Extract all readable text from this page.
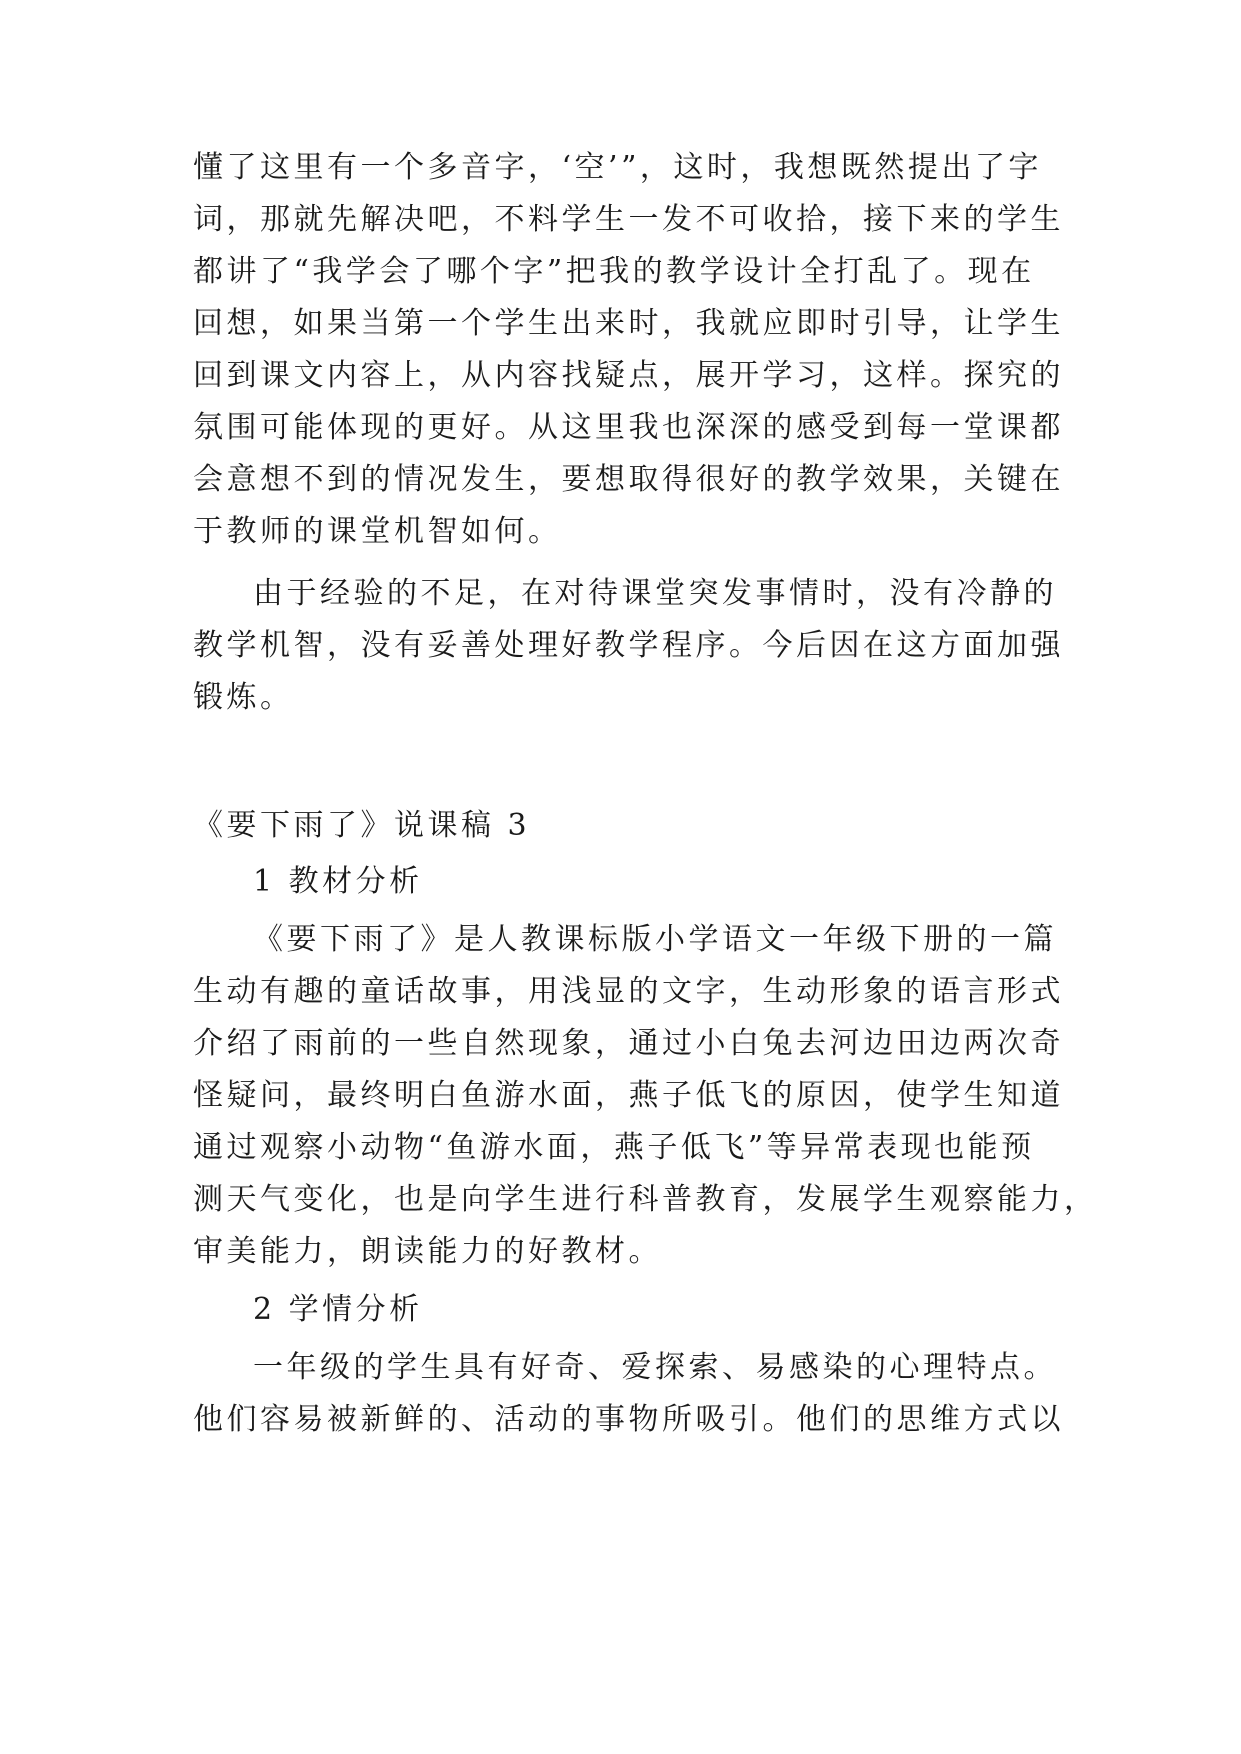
懂了这里有一个多音字，‘空’”，这时，我想既然提出了字
词，那就先解决吧，不料学生一发不可收拾，接下来的学生
都讲了“我学会了哪个字”把我的教学设计全打乱了。现在
回想，如果当第一个学生出来时，我就应即时引导，让学生
回到课文内容上，从内容找疑点，展开学习，这样。探究的
氛围可能体现的更好。从这里我也深深的感受到每一堂课都
会意想不到的情况发生，要想取得很好的教学效果，关键在
于教师的课堂机智如何。
由于经验的不足，在对待课堂突发事情时，没有冷静的
教学机智，没有妥善处理好教学程序。今后因在这方面加强
锻炼。
《要下雨了》说课稿 3
1 教材分析
《要下雨了》是人教课标版小学语文一年级下册的一篇
生动有趣的童话故事，用浅显的文字，生动形象的语言形式
介绍了雨前的一些自然现象，通过小白兔去河边田边两次奇
怪疑问，最终明白鱼游水面，燕子低飞的原因，使学生知道
通过观察小动物“鱼游水面，燕子低飞”等异常表现也能预
测天气变化，也是向学生进行科普教育，发展学生观察能力，
审美能力，朗读能力的好教材。
2 学情分析
一年级的学生具有好奇、爱探索、易感染的心理特点。
他们容易被新鲜的、活动的事物所吸引。他们的思维方式以
